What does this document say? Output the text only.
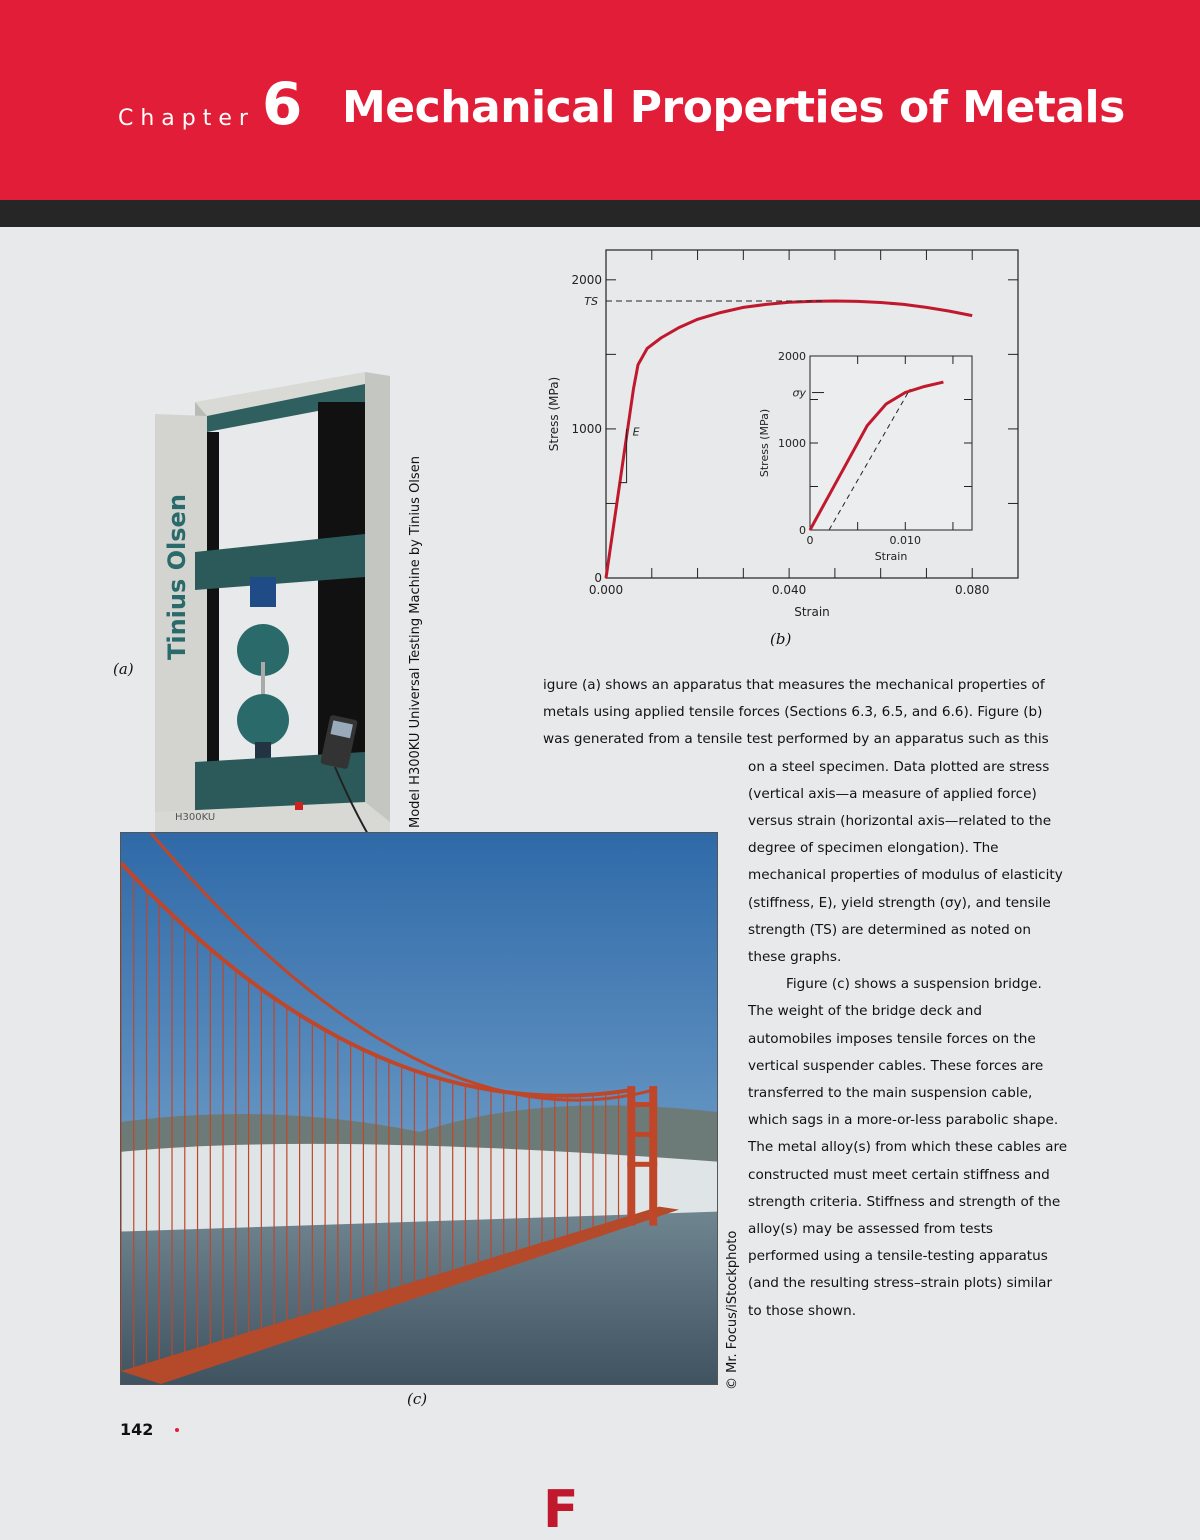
Chapter 6 Mechanical Properties of Metals
0.000	0.040	0.080
0
1000
2000
Strain
Stress (MPa)
TS
E
0	0.010
0
1000
2000
Strain
Stress (MPa)
σy
(b)
Tinius Olsen
H300KU
(a)	Model H300KU Universal Testing Machine by Tinius Olsen
(c)
© Mr. Focus/iStockphoto

F
igure (a) shows an apparatus that measures the mechanical properties of metals using applied tensile forces (Sections 6.3, 6.5, and 6.6). Figure (b) was generated from a tensile test performed by an apparatus such as this on a steel specimen. Data plotted are stress (vertical axis—a measure of applied force) versus strain (horizontal axis—related to the degree of specimen elongation). The mechanical properties of modulus of elasticity (stiffness, E), yield strength (σy), and tensile strength (TS) are determined as noted on these graphs.

Figure (c) shows a suspension bridge. The weight of the bridge deck and automobiles imposes tensile forces on the vertical suspender cables. These forces are transferred to the main suspension cable, which sags in a more-or-less parabolic shape. The metal alloy(s) from which these cables are constructed must meet certain stiffness and strength criteria. Stiffness and strength of the alloy(s) may be assessed from tests performed using a tensile-testing apparatus (and the resulting stress–strain plots) similar to those shown.

142
